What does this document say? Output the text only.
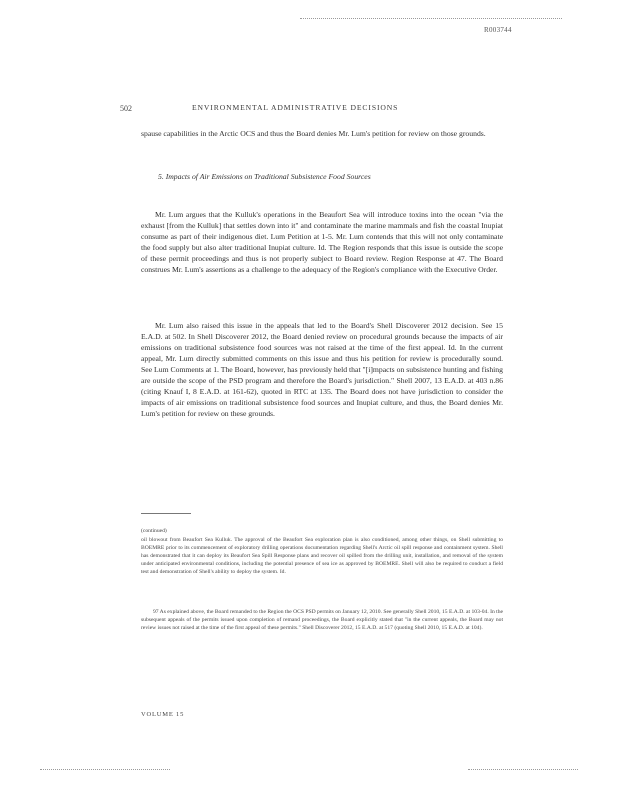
R003744
502	ENVIRONMENTAL ADMINISTRATIVE DECISIONS

spause capabilities in the Arctic OCS and thus the Board denies Mr. Lum's petition for review on those grounds.

5. Impacts of Air Emissions on Traditional Subsistence Food Sources

Mr. Lum argues that the Kulluk's operations in the Beaufort Sea will introduce toxins into the ocean "via the exhaust [from the Kulluk] that settles down into it" and contaminate the marine mammals and fish the coastal Inupiat consume as part of their indigenous diet. Lum Petition at 1-5. Mr. Lum contends that this will not only contaminate the food supply but also alter traditional Inupiat culture. Id. The Region responds that this issue is outside the scope of these permit proceedings and thus is not properly subject to Board review. Region Response at 47. The Board construes Mr. Lum's assertions as a challenge to the adequacy of the Region's compliance with the Executive Order.

Mr. Lum also raised this issue in the appeals that led to the Board's Shell Discoverer 2012 decision. See 15 E.A.D. at 502. In Shell Discoverer 2012, the Board denied review on procedural grounds because the impacts of air emissions on traditional subsistence food sources was not raised at the time of the first appeal. Id. In the current appeal, Mr. Lum directly submitted comments on this issue and thus his petition for review is procedurally sound. See Lum Comments at 1. The Board, however, has previously held that "[i]mpacts on subsistence hunting and fishing are outside the scope of the PSD program and therefore the Board's jurisdiction." Shell 2007, 13 E.A.D. at 403 n.86 (citing Knauf I, 8 E.A.D. at 161-62), quoted in RTC at 135. The Board does not have jurisdiction to consider the impacts of air emissions on traditional subsistence food sources and Inupiat culture, and thus, the Board denies Mr. Lum's petition for review on these grounds.

(continued)

oil blowout from Beaufort Sea Kulluk. The approval of the Beaufort Sea exploration plan is also conditioned, among other things, on Shell submitting to BOEMRE prior to its commencement of exploratory drilling operations documentation regarding Shell's Arctic oil spill response and containment system. Shell has demonstrated that it can deploy its Beaufort Sea Spill Response plans and recover oil spilled from the drilling unit, installation, and removal of the system under anticipated environmental conditions, including the potential presence of sea ice as approved by BOEMRE. Shell will also be required to conduct a field test and demonstration of Shell's ability to deploy the system. Id.

97 As explained above, the Board remanded to the Region the OCS PSD permits on January 12, 2010. See generally Shell 2010, 15 E.A.D. at 103-04. In the subsequent appeals of the permits issued upon completion of remand proceedings, the Board explicitly stated that "in the current appeals, the Board may not review issues not raised at the time of the first appeal of these permits." Shell Discoverer 2012, 15 E.A.D. at 517 (quoting Shell 2010, 15 E.A.D. at 104).

VOLUME 15
